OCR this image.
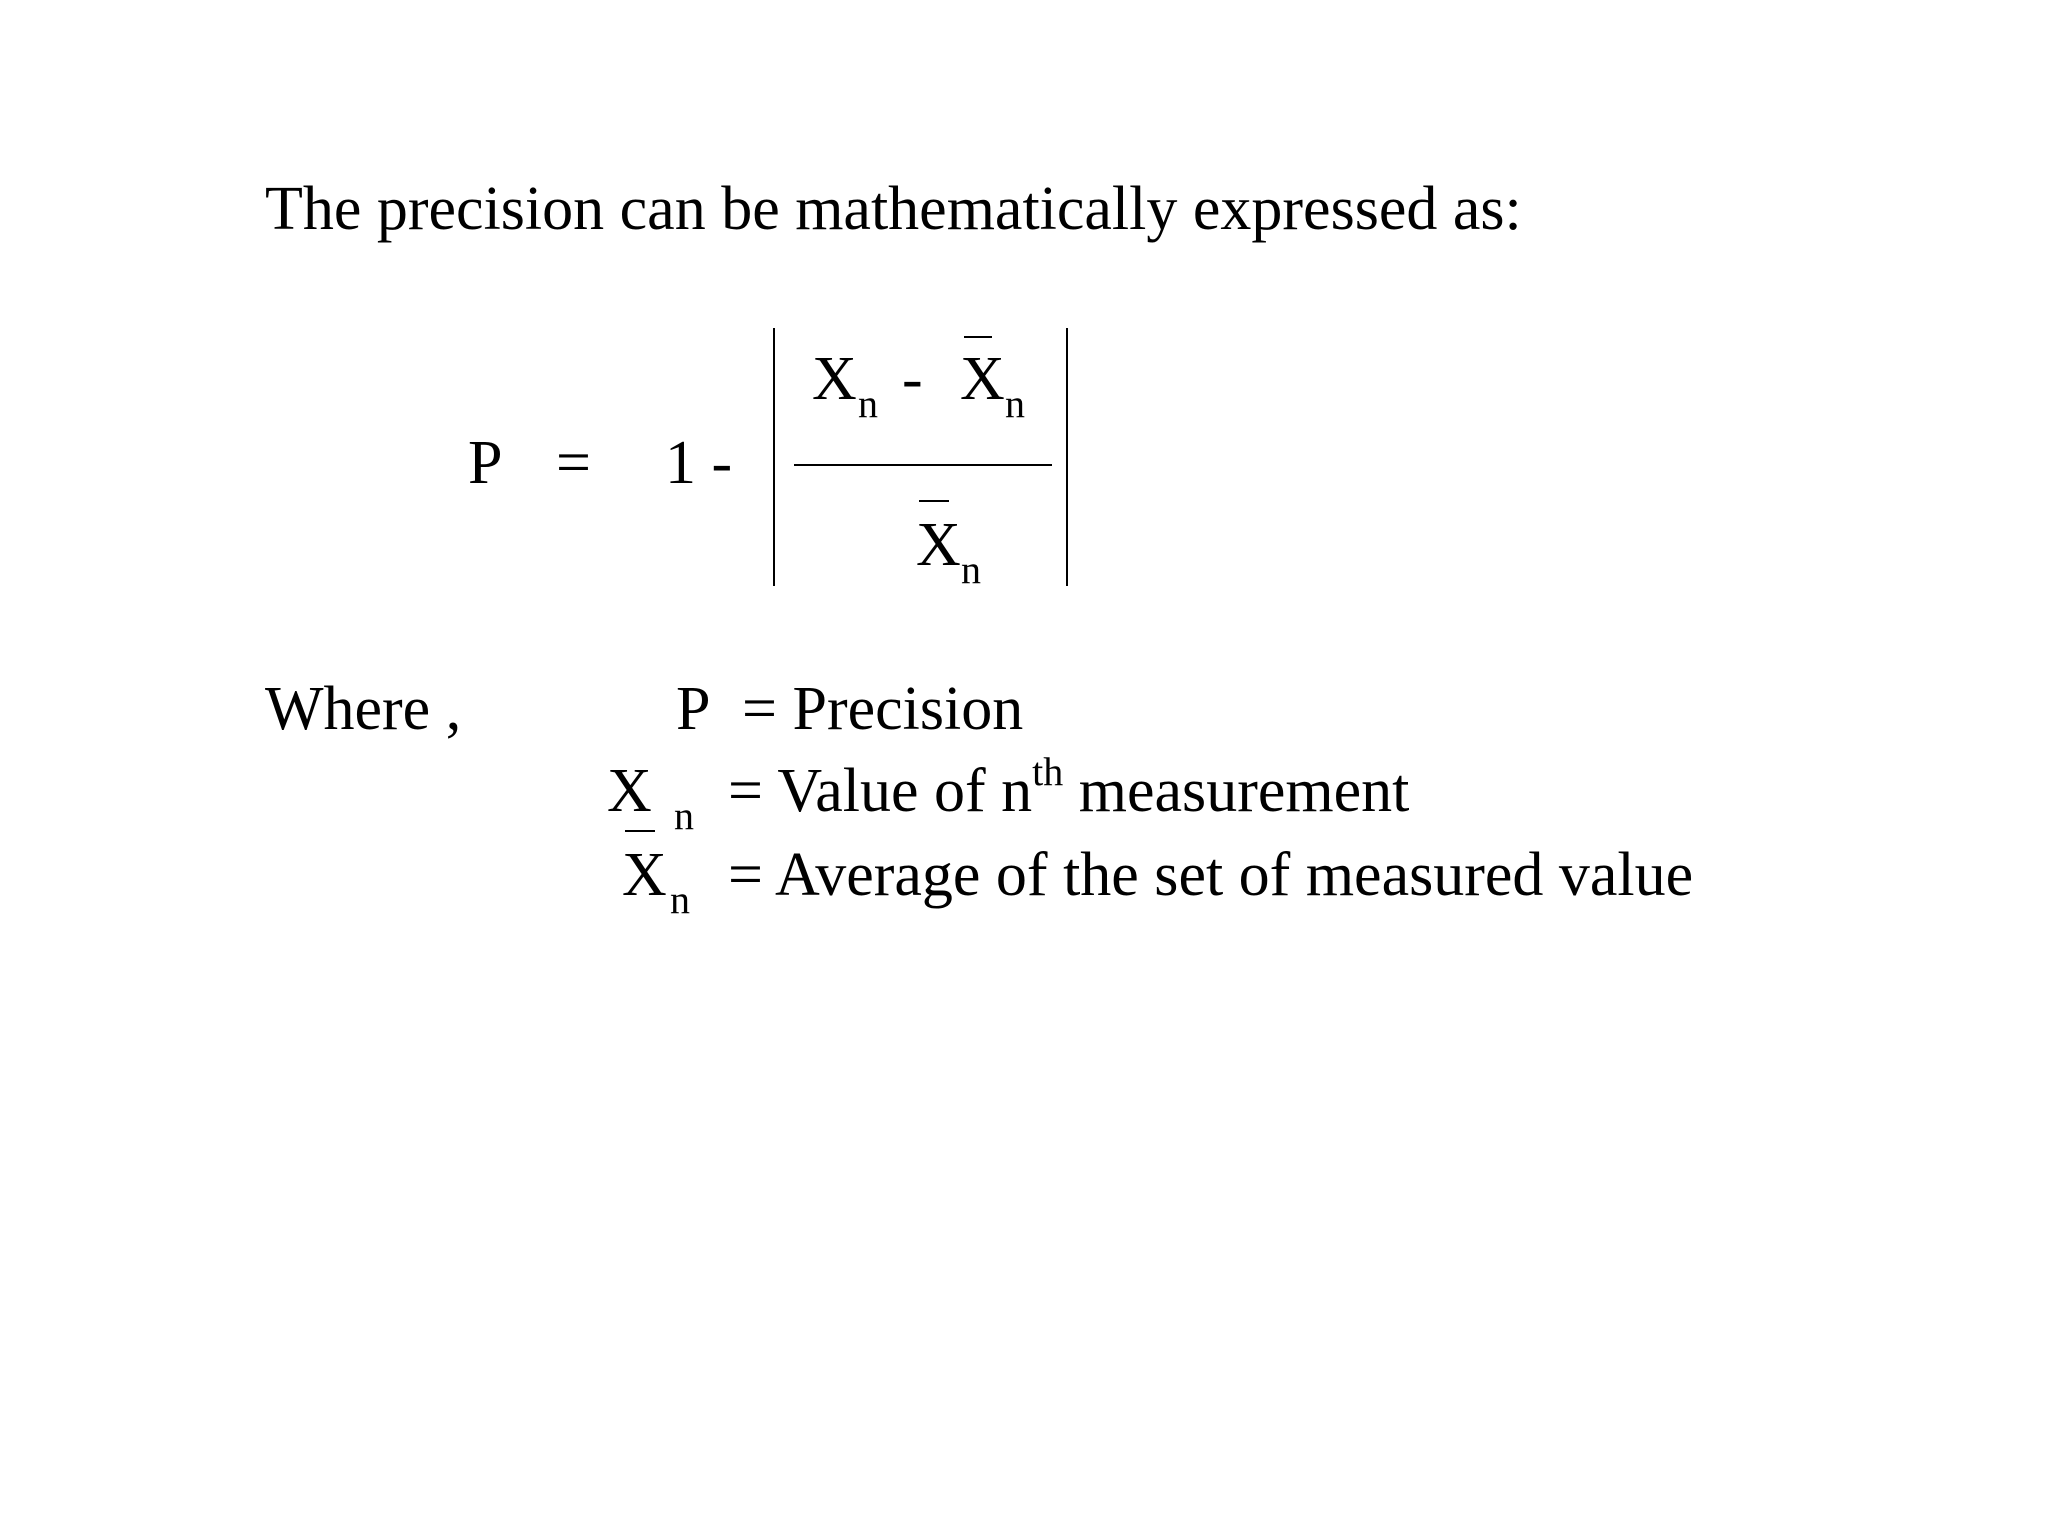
The precision can be mathematically expressed as:
P = 1 -
X n - X n
X n
Where ,	P = Precision
X n = Value of $n^{th}$ measurement
X n = Average of the set of measured value
